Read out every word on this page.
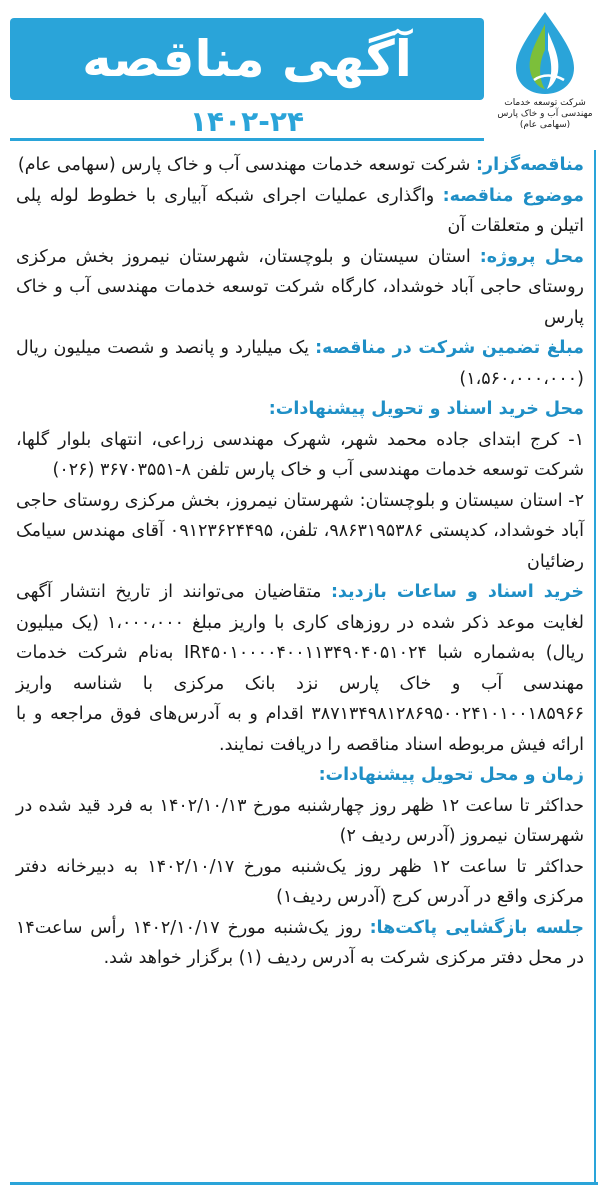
آگهی مناقصه
۱۴۰۲-۲۴
شرکت توسعه خدمات
مهندسی آب و خاک پارس
(سهامی عام)

مناقصه‌گزار: شرکت توسعه خدمات مهندسی آب و خاک پارس (سهامی عام)

موضوع مناقصه: واگذاری عملیات اجرای شبکه آبیاری با خطوط لوله پلی اتیلن و متعلقات آن

محل پروژه: استان سیستان و بلوچستان، شهرستان نیمروز بخش مرکزی روستای حاجی آباد خوشداد، کارگاه شرکت توسعه خدمات مهندسی آب و خاک پارس

مبلغ تضمین شرکت در مناقصه: یک میلیارد و پانصد و شصت میلیون ریال (۱،۵۶۰،۰۰۰،۰۰۰)

محل خرید اسناد و تحویل پیشنهادات:

۱- کرج ابتدای جاده محمد شهر، شهرک مهندسی زراعی، انتهای بلوار گلها، شرکت توسعه خدمات مهندسی آب و خاک پارس تلفن ۸-۳۶۷۰۳۵۵۱ (۰۲۶)

۲- استان سیستان و بلوچستان: شهرستان نیمروز، بخش مرکزی روستای حاجی آباد خوشداد، کدپستی ۹۸۶۳۱۹۵۳۸۶، تلفن، ۰۹۱۲۳۶۲۴۴۹۵ آقای مهندس سیامک رضائیان

خرید اسناد و ساعات بازدید: متقاضیان می‌توانند از تاریخ انتشار آگهی لغایت موعد ذکر شده در روزهای کاری با واریز مبلغ ۱،۰۰۰،۰۰۰ (یک میلیون ریال) به‌شماره شبا IR۴۵۰۱۰۰۰۰۴۰۰۱۱۳۴۹۰۴۰۵۱۰۲۴ به‌نام شرکت خدمات مهندسی آب و خاک پارس نزد بانک مرکزی با شناسه واریز ۳۸۷۱۳۴۹۸۱۲۸۶۹۵۰۰۲۴۱۰۱۰۰۱۸۵۹۶۶ اقدام و به آدرس‌های فوق مراجعه و با ارائه فیش مربوطه اسناد مناقصه را دریافت نمایند.

زمان و محل تحویل پیشنهادات:

حداکثر تا ساعت ۱۲ ظهر روز چهارشنبه مورخ ۱۴۰۲/۱۰/۱۳ به فرد قید شده در شهرستان نیمروز (آدرس ردیف ۲)

حداکثر تا ساعت ۱۲ ظهر روز یک‌شنبه مورخ ۱۴۰۲/۱۰/۱۷ به دبیرخانه دفتر مرکزی واقع در آدرس کرج (آدرس ردیف۱)

جلسه بازگشایی پاکت‌ها: روز یک‌شنبه مورخ ۱۴۰۲/۱۰/۱۷ رأس ساعت۱۴ در محل دفتر مرکزی شرکت به آدرس ردیف (۱) برگزار خواهد شد.
